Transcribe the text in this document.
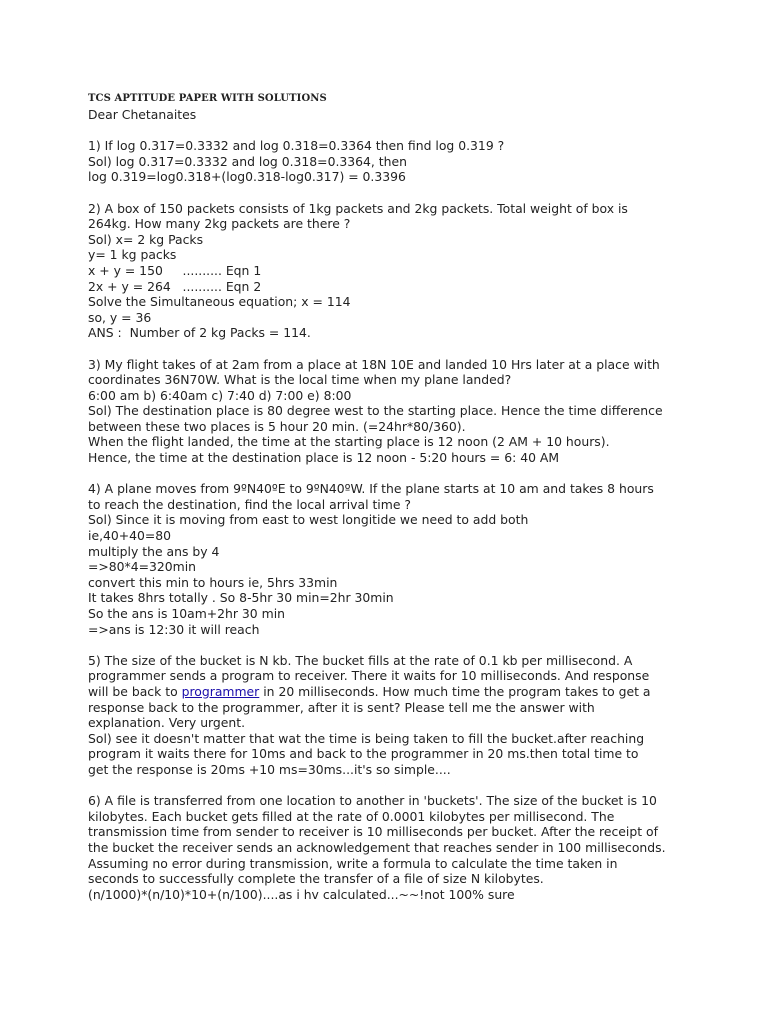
TCS APTITUDE PAPER WITH SOLUTIONS
Dear Chetanaites
1) If log 0.317=0.3332 and log 0.318=0.3364 then find log 0.319 ?
Sol) log 0.317=0.3332 and log 0.318=0.3364, then
log 0.319=log0.318+(log0.318-log0.317) = 0.3396
2) A box of 150 packets consists of 1kg packets and 2kg packets. Total weight of box is
264kg. How many 2kg packets are there ?
Sol) x= 2 kg Packs
y= 1 kg packs
x + y = 150     .......... Eqn 1
2x + y = 264   .......... Eqn 2
Solve the Simultaneous equation; x = 114
so, y = 36
ANS :  Number of 2 kg Packs = 114.
3) My flight takes of at 2am from a place at 18N 10E and landed 10 Hrs later at a place with
coordinates 36N70W. What is the local time when my plane landed?
6:00 am b) 6:40am c) 7:40 d) 7:00 e) 8:00
Sol) The destination place is 80 degree west to the starting place. Hence the time difference
between these two places is 5 hour 20 min. (=24hr*80/360).
When the flight landed, the time at the starting place is 12 noon (2 AM + 10 hours).
Hence, the time at the destination place is 12 noon - 5:20 hours = 6: 40 AM
4) A plane moves from 9ºN40ºE to 9ºN40ºW. If the plane starts at 10 am and takes 8 hours
to reach the destination, find the local arrival time ?
Sol) Since it is moving from east to west longitide we need to add both
ie,40+40=80
multiply the ans by 4
=>80*4=320min
convert this min to hours ie, 5hrs 33min
It takes 8hrs totally . So 8-5hr 30 min=2hr 30min
So the ans is 10am+2hr 30 min
=>ans is 12:30 it will reach
5) The size of the bucket is N kb. The bucket fills at the rate of 0.1 kb per millisecond. A
programmer sends a program to receiver. There it waits for 10 milliseconds. And response
will be back to programmer in 20 milliseconds. How much time the program takes to get a
response back to the programmer, after it is sent? Please tell me the answer with
explanation. Very urgent.
Sol) see it doesn't matter that wat the time is being taken to fill the bucket.after reaching
program it waits there for 10ms and back to the programmer in 20 ms.then total time to
get the response is 20ms +10 ms=30ms...it's so simple....
6) A file is transferred from one location to another in 'buckets'. The size of the bucket is 10
kilobytes. Each bucket gets filled at the rate of 0.0001 kilobytes per millisecond. The
transmission time from sender to receiver is 10 milliseconds per bucket. After the receipt of
the bucket the receiver sends an acknowledgement that reaches sender in 100 milliseconds.
Assuming no error during transmission, write a formula to calculate the time taken in
seconds to successfully complete the transfer of a file of size N kilobytes.
(n/1000)*(n/10)*10+(n/100)....as i hv calculated...~~!not 100% sure
